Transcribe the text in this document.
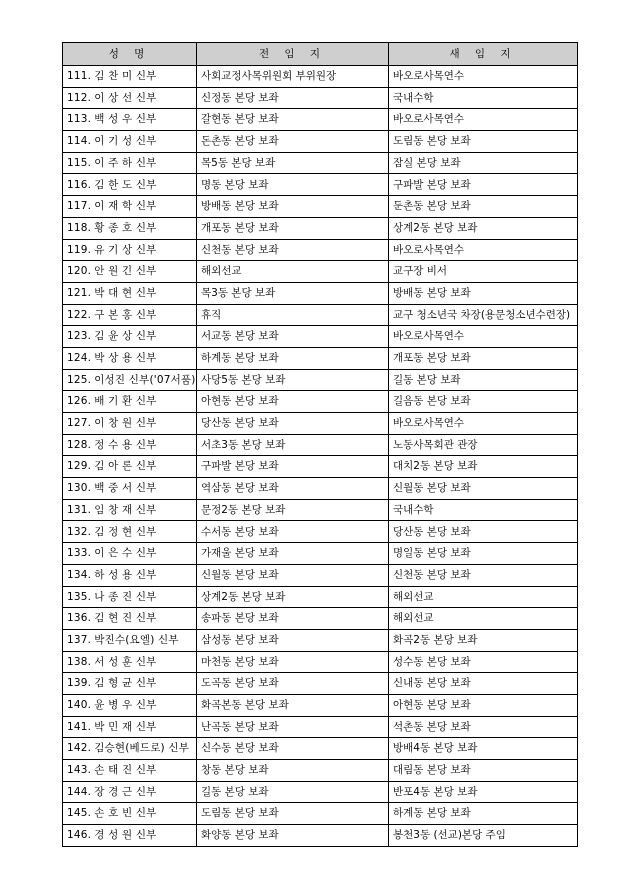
성 명	전 임 지	새 임 지
111. 김 찬 미 신부	사회교정사목위원회 부위원장	바오로사목연수
112. 이 상 선 신부	신정동 본당 보좌	국내수학
113. 백 성 우 신부	갈현동 본당 보좌	바오로사목연수
114. 이 기 성 신부	돈촌동 본당 보좌	도림동 본당 보좌
115. 이 주 하 신부	목5동 본당 보좌	잠실 본당 보좌
116. 김 한 도 신부	명동 본당 보좌	구파발 본당 보좌
117. 이 재 학 신부	방배동 본당 보좌	둔촌동 본당 보좌
118. 황 종 호 신부	개포동 본당 보좌	상계2동 본당 보좌
119. 유 기 상 신부	신천동 본당 보좌	바오로사목연수
120. 안 원 긴 신부	해외선교	교구장 비서
121. 박 대 현 신부	목3동 본당 보좌	방배동 본당 보좌
122. 구 본 홍 신부	휴직	교구 청소년국 차장(용문청소년수련장)
123. 김 윤 상 신부	서교동 본당 보좌	바오로사목연수
124. 박 상 용 신부	하계동 본당 보좌	개포동 본당 보좌
125. 이성진 신부('07서품)	사당5동 본당 보좌	길동 본당 보좌
126. 배 기 환 신부	아현동 본당 보좌	길음동 본당 보좌
127. 이 창 원 신부	당산동 본당 보좌	바오로사목연수
128. 정 수 용 신부	서초3동 본당 보좌	노동사목회관 관장
129. 김 아 론 신부	구파발 본당 보좌	대치2동 본당 보좌
130. 백 중 서 신부	역삼동 본당 보좌	신월동 본당 보좌
131. 임 창 재 신부	문정2동 본당 보좌	국내수학
132. 김 정 현 신부	수서동 본당 보좌	당산동 본당 보좌
133. 이 은 수 신부	가재울 본당 보좌	명일동 본당 보좌
134. 하 성 용 신부	신월동 본당 보좌	신천동 본당 보좌
135. 나 종 진 신부	상계2동 본당 보좌	해외선교
136. 김 현 진 신부	송파동 본당 보좌	해외선교
137. 박진수(요엘) 신부	삼성동 본당 보좌	화곡2동 본당 보좌
138. 서 성 훈 신부	마천동 본당 보좌	성수동 본당 보좌
139. 김 형 균 신부	도곡동 본당 보좌	신내동 본당 보좌
140. 윤 병 우 신부	화곡본동 본당 보좌	아현동 본당 보좌
141. 박 민 재 신부	난곡동 본당 보좌	석촌동 본당 보좌
142. 김승현(베드로) 신부	신수동 본당 보좌	방배4동 본당 보좌
143. 손 태 진 신부	창동 본당 보좌	대림동 본당 보좌
144. 장 경 근 신부	길동 본당 보좌	반포4동 본당 보좌
145. 손 호 빈 신부	도림동 본당 보좌	하계동 본당 보좌
146. 경 성 원 신부	화양동 본당 보좌	봉천3동 (선교)본당 주임
